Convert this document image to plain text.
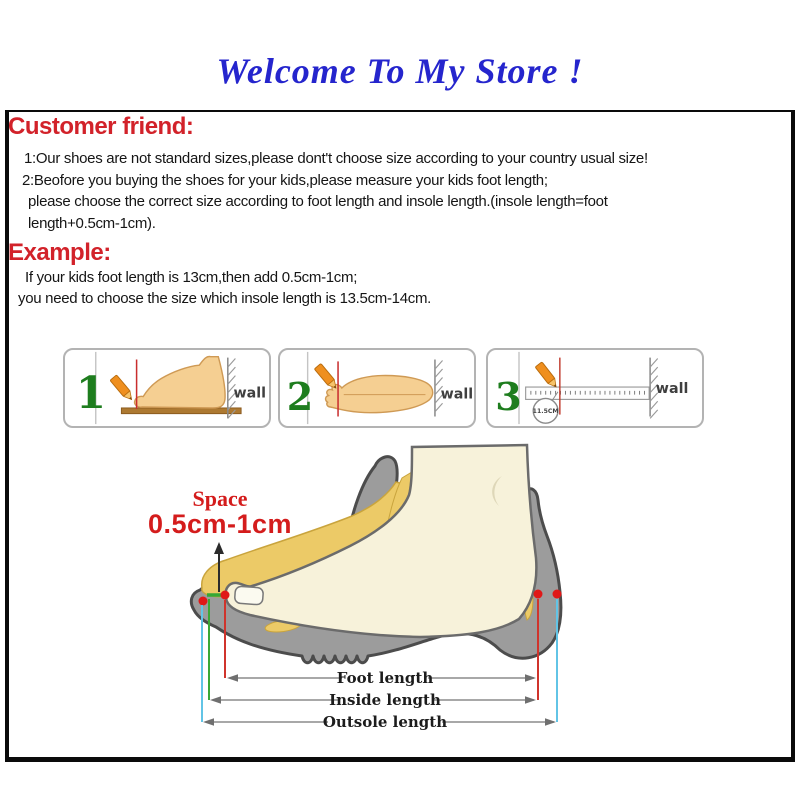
Welcome To My Store !
Customer friend:
1:Our shoes are not standard sizes,please dont't choose size according to your country usual size!
2:Beofore you buying the shoes for your kids,please measure your kids foot length;
please choose the correct size according to foot length and insole length.(insole length=foot
length+0.5cm-1cm).
Example:
If your kids foot length is 13cm,then add 0.5cm-1cm;
you need to choose the size which insole length is 13.5cm-14cm.
1	wall 2	wall 3 11.5CM
wall
Space
0.5cm-1cm
Foot length
Inside length
Outsole length
